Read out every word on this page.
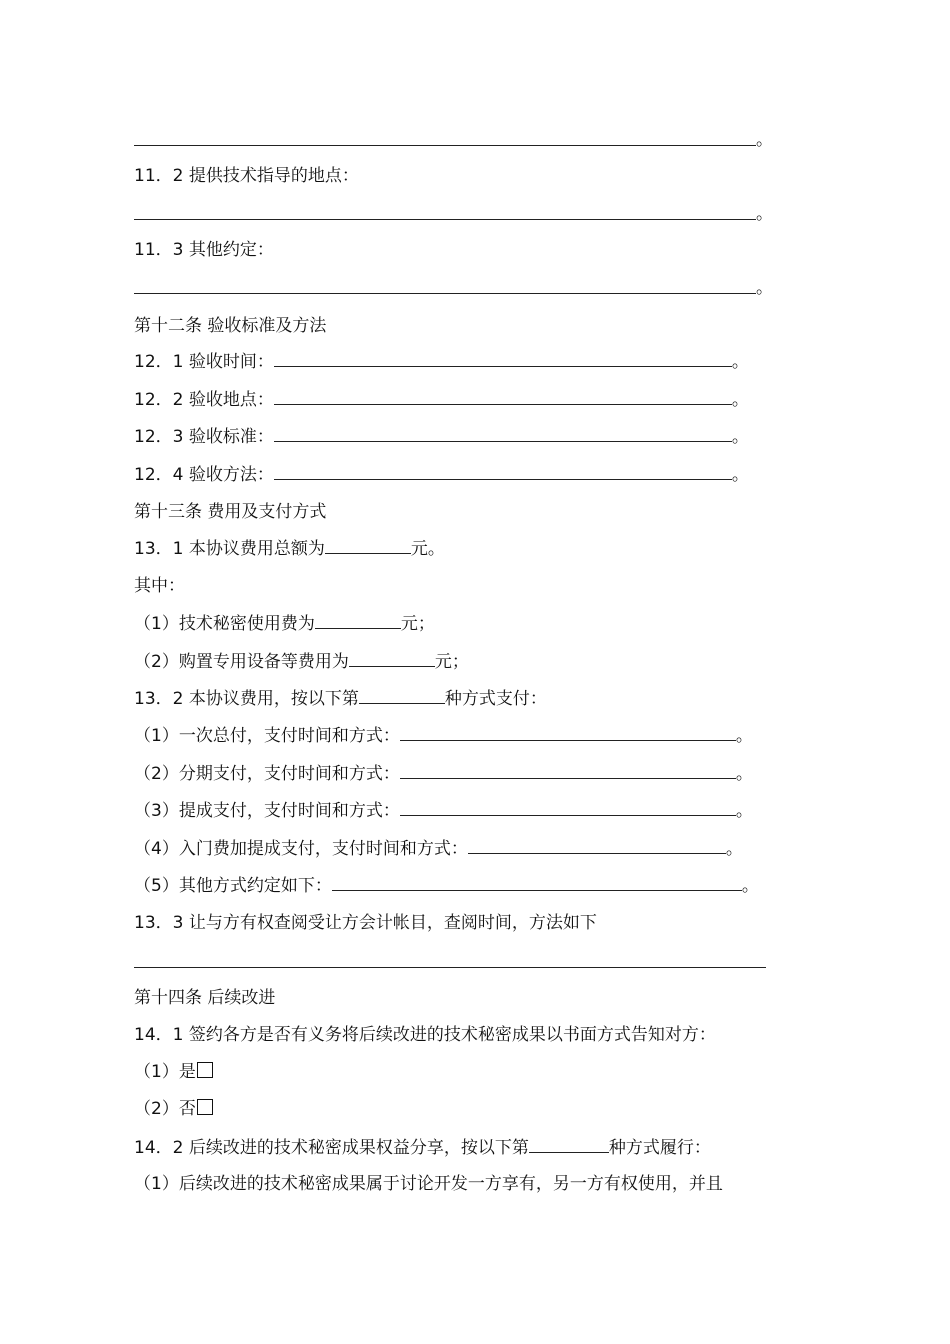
。
11．2 提供技术指导的地点：
。
11．3 其他约定：
。
第十二条 验收标准及方法
12．1 验收时间：	。
12．2 验收地点：	。
12．3 验收标准：	。
12．4 验收方法：	。
第十三条 费用及支付方式
13．1 本协议费用总额为	元。
其中：
（1）技术秘密使用费为	元；
（2）购置专用设备等费用为	元；
13．2 本协议费用，按以下第	种方式支付：
（1）一次总付，支付时间和方式：	。
（2）分期支付，支付时间和方式：	。
（3）提成支付，支付时间和方式：	。
（4）入门费加提成支付，支付时间和方式：	。
（5）其他方式约定如下：	。
13．3 让与方有权查阅受让方会计帐目，查阅时间，方法如下
第十四条 后续改进
14．1 签约各方是否有义务将后续改进的技术秘密成果以书面方式告知对方：
（1）是
（2）否
14．2 后续改进的技术秘密成果权益分享，按以下第	种方式履行：
（1）后续改进的技术秘密成果属于讨论开发一方享有，另一方有权使用，并且
